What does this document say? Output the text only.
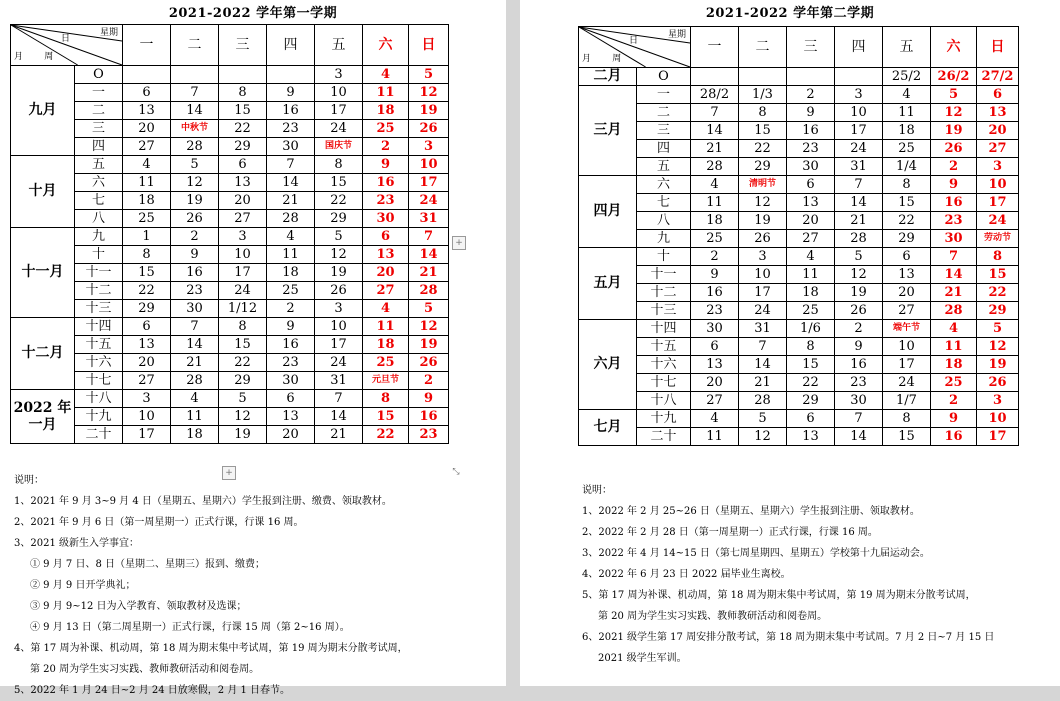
2021-2022 学年第一学期
星期
日
周
月		一	二	三	四	五	六	日
九月	O					3	4	5
	一	6	7	8	9	10	11	12
	二	13	14	15	16	17	18	19
	三	20	中秋节	22	23	24	25	26
	四	27	28	29	30	国庆节	2	3
十月	五	4	5	6	7	8	9	10
	六	11	12	13	14	15	16	17
	七	18	19	20	21	22	23	24
	八	25	26	27	28	29	30	31
十一月	九	1	2	3	4	5	6	7
	十	8	9	10	11	12	13	14
	十一	15	16	17	18	19	20	21
	十二	22	23	24	25	26	27	28
	十三	29	30	1/12	2	3	4	5
十二月	十四	6	7	8	9	10	11	12
	十五	13	14	15	16	17	18	19
	十六	20	21	22	23	24	25	26
	十七	27	28	29	30	31	元旦节	2
2022 年一月	十八	3	4	5	6	7	8	9
	十九	10	11	12	13	14	15	16
	二十	17	18	19	20	21	22	23
说明：
1、2021 年 9 月 3~9 月 4 日（星期五、星期六）学生报到注册、缴费、领取教材。
2、2021 年 9 月 6 日（第一周星期一）正式行课，行课 16 周。
3、2021 级新生入学事宜：
① 9 月 7 日、8 日（星期二、星期三）报到、缴费；
② 9 月 9 日开学典礼；
③ 9 月 9~12 日为入学教育、领取教材及选课；
④ 9 月 13 日（第二周星期一）正式行课，行课 15 周（第 2~16 周）。
4、第 17 周为补课、机动周，第 18 周为期末集中考试周，第 19 周为期末分散考试周，
第 20 周为学生实习实践、教师教研活动和阅卷周。
5、2022 年 1 月 24 日~2 月 24 日放寒假，2 月 1 日春节。
+
+
⤡
2021-2022 学年第二学期
星期
日
周
月		一	二	三	四	五	六	日
二月	O					25/2	26/2	27/2
三月	一	28/2	1/3	2	3	4	5	6
	二	7	8	9	10	11	12	13
	三	14	15	16	17	18	19	20
	四	21	22	23	24	25	26	27
	五	28	29	30	31	1/4	2	3
四月	六	4	清明节	6	7	8	9	10
	七	11	12	13	14	15	16	17
	八	18	19	20	21	22	23	24
	九	25	26	27	28	29	30	劳动节
五月	十	2	3	4	5	6	7	8
	十一	9	10	11	12	13	14	15
	十二	16	17	18	19	20	21	22
	十三	23	24	25	26	27	28	29
六月	十四	30	31	1/6	2	端午节	4	5
	十五	6	7	8	9	10	11	12
	十六	13	14	15	16	17	18	19
	十七	20	21	22	23	24	25	26
	十八	27	28	29	30	1/7	2	3
七月	十九	4	5	6	7	8	9	10
	二十	11	12	13	14	15	16	17
说明：
1、2022 年 2 月 25~26 日（星期五、星期六）学生报到注册、领取教材。
2、2022 年 2 月 28 日（第一周星期一）正式行课，行课 16 周。
3、2022 年 4 月 14~15 日（第七周星期四、星期五）学校第十九届运动会。
4、2022 年 6 月 23 日 2022 届毕业生离校。
5、第 17 周为补课、机动周，第 18 周为期末集中考试周，第 19 周为期末分散考试周，
第 20 周为学生实习实践、教师教研活动和阅卷周。
6、2021 级学生第 17 周安排分散考试，第 18 周为期末集中考试周。7 月 2 日~7 月 15 日
2021 级学生军训。
